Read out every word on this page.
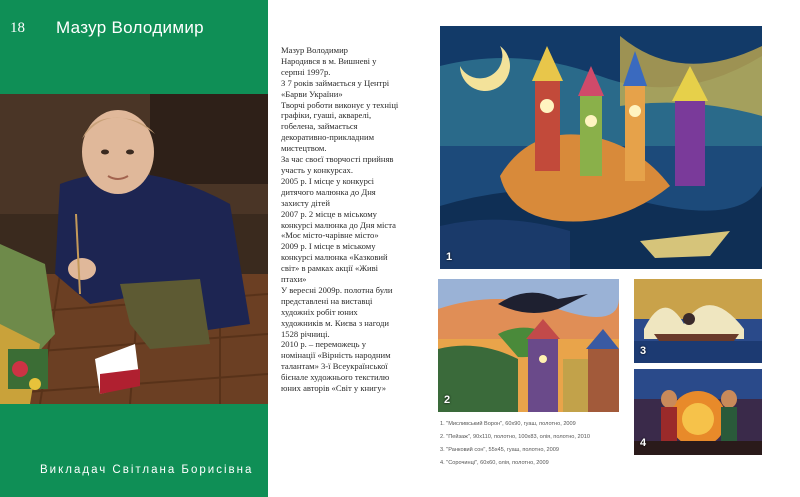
18 Мазур Володимир
Викладач Світлана Борисівна

Мазур Володимир

Народився в м. Вишневі у серпні 1997р.

З 7 років займається у Центрі «Барви України»

Творчі роботи виконує у техніці графіки, гуаші, акварелі, гобелена, займається декоративно-прикладним мистецтвом.

За час своєї творчості прийняв участь у конкурсах.

2005 р. I місце у конкурсі дитячого малюнка до Дня захисту дітей

2007 р. 2 місце в міському конкурсі малюнка до Дня міста «Моє місто-чарівне місто»

2009 р. I місце в міському конкурсі малюнка «Казковий світ» в рамках акції «Живі птахи»

У вересні 2009р. полотна були представлені на виставці художніх робіт юних художників м. Києва з нагоди 1528 річниці.

2010 р. – переможець у номінації «Вірність народним талантам» 3-ї Всеукраїнської бієнале художнього текстилю юних авторів «Світ у книгу»

1
2
3
4
1. "Мисливський Ворон", 60х90, гуаш, полотно, 2009
2. "Пейзаж", 90х110, полотно, 100х83, олія, полотно, 2010
3. "Ранковий сон", 55х45, гуаш, полотно, 2009
4. "Сорочинці", 60х60, олія, полотно, 2009
